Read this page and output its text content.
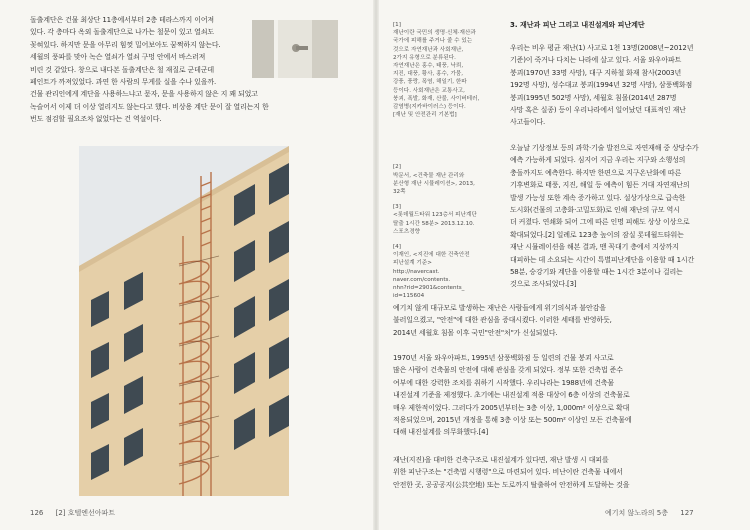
돌출계단은 건물 최상단 11층에서부터 2층 테라스까지 이어져
있다. 각 층마다 옥외 돌출계단으로 나가는 철문이 있고 열쇠도
꽂혀있다. 하지만 문을 아무리 힘껏 밀어보아도 꿈쩍하지 않는다.
세월의 풍파를 맞아 녹슨 열쇠가 열쇠 구멍 안에서 바스러져
비린 것 같았다. 창으로 내다본 돌출계단은 철 재질로 군데군데
페인트가 까져있었다. 과연 한 사람의 무게를 실을 수나 있을까.
건물 관리인에게 계단을 사용하느냐고 묻자, 문을 사용하지 않은 지 꽤 되었고
녹슬어서 이제 더 이상 열리지도 않는다고 했다. 비상용 계단 문이 잘 열리는지 한
번도 점검할 필요조차 없었다는 건 역설이다.
[1]
재난이란 국민의 생명·신체·재산과
국가에 피해를 주거나 줄 수 있는
것으로 자연재난과 사회재난,
2가지 유형으로 분류된다.
자연재난은 홍수, 태풍, 낙뢰,
지진, 대풍, 황사, 홍수, 가뭄,
강풍, 풍랑, 폭염, 해일기, 한파
등이다. 사회재난은 교통사고,
붕괴, 폭발, 화재, 산불, 사이버테러,
감염병(지카바이러스) 등이다.
[재난 및 안전관리 기본법]
[2]
박문서, <건축물 재난 관리와
분산형 재난 시뮬레이션>, 2013,
32쪽
[3]
<롯데월드타워 123층서 피난계단
탈출 1시간 58분> 2013.12.10.
스포츠경향
[4]
이재인, <지진에 대한 건축안전
피난설계 기준>
http://navercast.
naver.com/contents.
nhn?rid=2901&contents_
id=115604
126 [2] 호텔엔선아파트
3. 재난과 피난 그리고 내진설계와 피난계단
우리는 비우 평균 재난(1) 사고로 1천 13명(2008년~2012년
기준)이 죽거나 다치는 나라에 살고 있다. 서울 와우아파트
붕괴(1970년 33명 사망), 대구 지하철 화재 참사(2003년
192명 사망), 성수대교 붕괴(1994년 32명 사망), 삼풍백화점
붕괴(1995년 502명 사망), 세월호 침몰(2014년 287명
사망 혹은 실종) 등이 우리나라에서 일어났던 대표적인 재난
사고들이다.
오늘날 기상정보 등의 과학·기술 발전으로 자연재해 중 상당수가
예측 가능하게 되었다. 심지어 지금 우리는 지구와 소행성의
충돌까지도 예측한다. 하지만 한편으로 지구온난화에 따른
기후변화로 태풍, 지진, 해일 등 예측이 힘든 거대 자연재난의
발생 가능성 또한 계속 증가하고 있다. 설상가상으로 급속한
도시화(건물의 고층화·고밀도화)로 인해 재난의 규모 역시
더 커졌다. 연쇄화 되어 그에 따른 인명 피해도 상상 이상으로
확대되었다.[2] 일례로 123층 높이의 잠실 롯데월드타워는
재난 시뮬레이션을 해본 결과, 맨 꼭대기 층에서 지상까지
대피하는 데 소요되는 시간이 특별피난계단을 이용할 때 1시간
58분, 승강기와 계단을 이용할 때는 1시간 3분이나 걸리는
것으로 조사되었다.[3]
예기치 않게 대규모로 발생하는 재난은 사람들에게 위기의식과 불안감을
불러일으켰고, "안전"에 대한 관심을 증대시켰다. 이러한 세태를 반영하듯,
2014년 세월호 침몰 이후 국민"안전"처"가 신설되었다.
1970년 서울 와우아파트, 1995년 삼풍백화점 등 일련의 건물 붕괴 사고로
많은 사람이 건축물의 안전에 대해 관심을 갖게 되었다. 정부 또한 건축법 준수
여부에 대한 강력한 조치를 취하기 시작했다. 우리나라는 1988년에 건축물
내진설계 기준을 제정했다. 초기에는 내진설계 적용 대상이 6층 이상의 건축물로
매우 제한적이었다. 그러다가 2005년부터는 3층 이상, 1,000m² 이상으로 확대
적용되었으며, 2015년 개정을 통해 3층 이상 또는 500m² 이상인 모든 건축물에
대해 내진설계를 의무화했다.[4]
재난(지진)을 대비한 건축구조로 내진설계가 있다면, 재난 발생 시 대피를
위한 피난구조는 "건축법 시행령"으로 마련되어 있다. 비난이란 건축물 내에서
안전한 곳, 공공공지(公共空地) 또는 도로까지 탈출하여 안전하게 도달하는 것을
예기치 않노라의 5층 127
